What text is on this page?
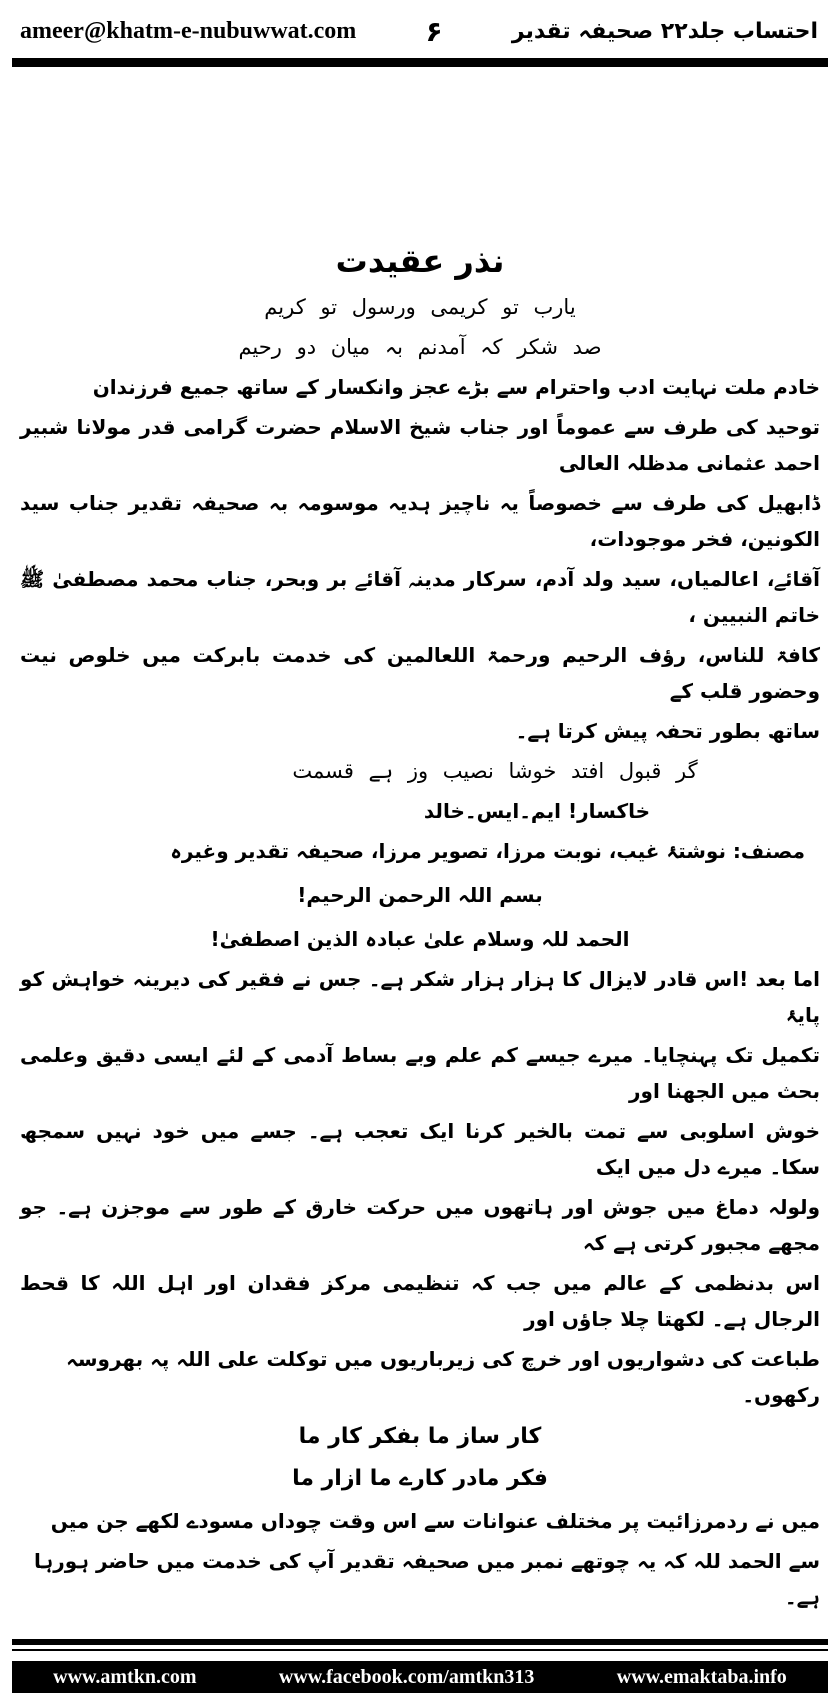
ameer@khatm-e-nubuwwat.com	۶	احتساب جلد۲۲ صحیفہ تقدیر
نذر عقیدت
یارب تو کریمی ورسول تو کریم
صد شکر کہ آمدنم بہ میان دو رحیم
خادم ملت نہایت ادب واحترام سے بڑے عجز وانکسار کے ساتھ جمیع فرزندان
توحید کی طرف سے عموماً اور جناب شیخ الاسلام حضرت گرامی قدر مولانا شبیر احمد عثمانی مدظلہ العالی
ڈابھیل کی طرف سے خصوصاً یہ ناچیز ہدیہ موسومہ بہ صحیفہ تقدیر جناب سید الکونین، فخر موجودات،
آقائے، اعالمیاں، سید ولد آدم، سرکار مدینہ آقائے بر وبحر، جناب محمد مصطفیٰ ﷺ خاتم النبیین ،
کافۃ للناس، رؤف الرحیم ورحمۃ اللعالمین کی خدمت بابرکت میں خلوص نیت وحضور قلب کے
ساتھ بطور تحفہ پیش کرتا ہے۔
گر قبول افتد خوشا نصیب وز ہے قسمت
خاکسار! ایم۔ایس۔خالد
مصنف: نوشتۂ غیب، نوبت مرزا، تصویر مرزا، صحیفہ تقدیر وغیرہ
بسم اللہ الرحمن الرحیم!
الحمد للہ وسلام علیٰ عبادہ الذین اصطفیٰ!
اما بعد !اس قادر لایزال کا ہزار ہزار شکر ہے۔ جس نے فقیر کی دیرینہ خواہش کو پایۂ
تکمیل تک پہنچایا۔ میرے جیسے کم علم وبے بساط آدمی کے لئے ایسی دقیق وعلمی بحث میں الجھنا اور
خوش اسلوبی سے تمت بالخیر کرنا ایک تعجب ہے۔ جسے میں خود نہیں سمجھ سکا۔ میرے دل میں ایک
ولولہ دماغ میں جوش اور ہاتھوں میں حرکت خارق کے طور سے موجزن ہے۔ جو مجھے مجبور کرتی ہے کہ
اس بدنظمی کے عالم میں جب کہ تنظیمی مرکز فقدان اور اہل اللہ کا قحط الرجال ہے۔ لکھتا چلا جاؤں اور
طباعت کی دشواریوں اور خرچ کی زیرباریوں میں توکلت علی اللہ پہ بھروسہ رکھوں۔
کار ساز ما بفکر کار ما
فکر مادر کارے ما ازار ما
میں نے ردمرزائیت پر مختلف عنوانات سے اس وقت چوداں مسودے لکھے جن میں
سے الحمد للہ کہ یہ چوتھے نمبر میں صحیفہ تقدیر آپ کی خدمت میں حاضر ہورہا ہے۔
www.amtkn.com	www.facebook.com/amtkn313	www.emaktaba.info
